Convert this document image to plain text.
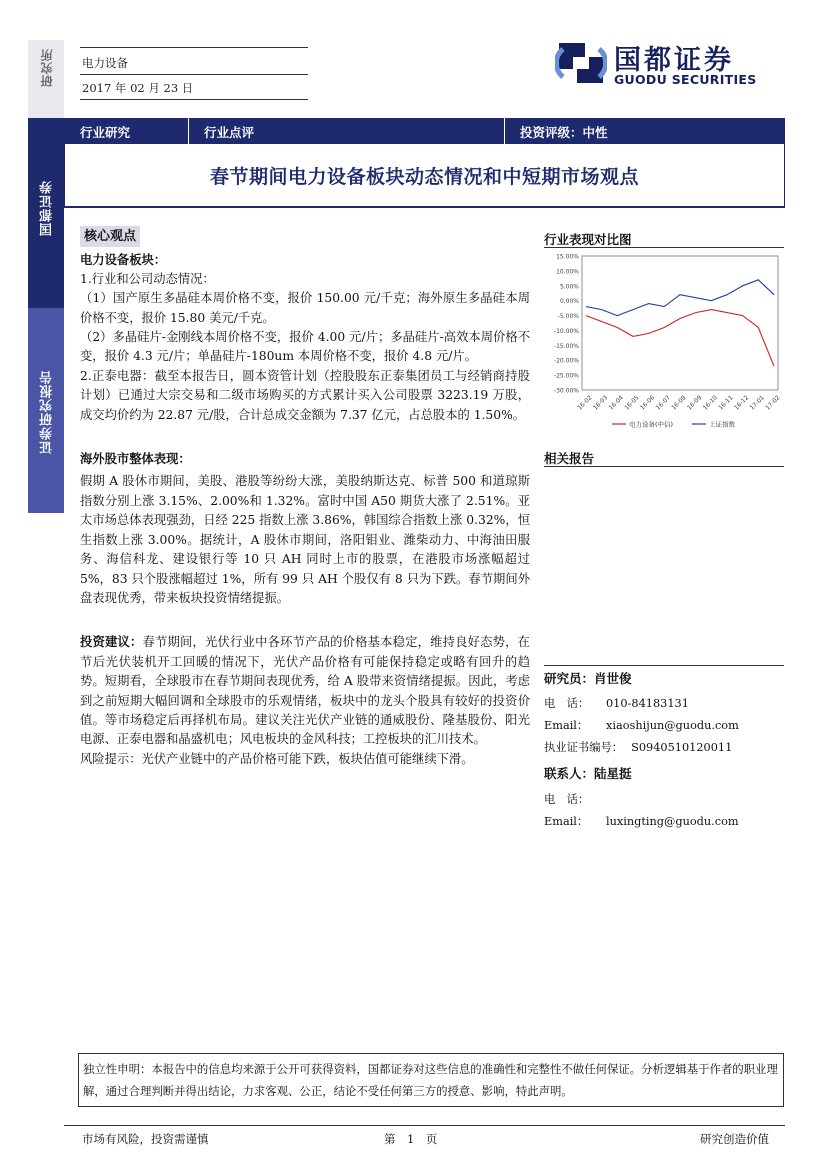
研究所
国都证券
证券研究报告
电力设备
2017 年 02 月 23 日
国都证券
GUODU SECURITIES
行业研究	行业点评	投资评级：中性
春节期间电力设备板块动态情况和中短期市场观点
核心观点
电力设备板块：
1.行业和公司动态情况：
（1）国产原生多晶硅本周价格不变，报价 150.00 元/千克；海外原生多晶硅本周价格不变，报价 15.80 美元/千克。
（2）多晶硅片-金刚线本周价格不变，报价 4.00 元/片；多晶硅片-高效本周价格不变，报价 4.3 元/片；单晶硅片-180um 本周价格不变，报价 4.8 元/片。
2.正泰电器：截至本报告日，圆本资管计划（控股股东正泰集团员工与经销商持股计划）已通过大宗交易和二级市场购买的方式累计买入公司股票 3223.19 万股，成交均价约为 22.87 元/股，合计总成交金额为 7.37 亿元，占总股本的 1.50%。
海外股市整体表现：
假期 A 股休市期间，美股、港股等纷纷大涨，美股纳斯达克、标普 500 和道琼斯指数分别上涨 3.15%、2.00%和 1.32%。富时中国 A50 期货大涨了 2.51%。亚太市场总体表现强劲，日经 225 指数上涨 3.86%，韩国综合指数上涨 0.32%，恒生指数上涨 3.00%。据统计，A 股休市期间，洛阳钼业、潍柴动力、中海油田服务、海信科龙、建设银行等 10 只 AH 同时上市的股票，在港股市场涨幅超过 5%，83 只个股涨幅超过 1%，所有 99 只 AH 个股仅有 8 只为下跌。春节期间外盘表现优秀，带来板块投资情绪提振。
投资建议：春节期间，光伏行业中各环节产品的价格基本稳定，维持良好态势，在节后光伏装机开工回暖的情况下，光伏产品价格有可能保持稳定或略有回升的趋势。短期看，全球股市在春节期间表现优秀，给 A 股带来资情绪提振。因此，考虑到之前短期大幅回调和全球股市的乐观情绪，板块中的龙头个股具有较好的投资价值。等市场稳定后再择机布局。建议关注光伏产业链的通威股份、隆基股份、阳光电源、正泰电器和晶盛机电；风电板块的金风科技；工控板块的汇川技术。
风险提示：光伏产业链中的产品价格可能下跌，板块估值可能继续下滑。
行业表现对比图
15.00%
10.00%
5.00%
0.00%
-5.00%
-10.00%
-15.00%
-20.00%
-25.00%
-30.00%
16-02
16-03
16-04
16-05
16-06
16-07
16-08
16-09
16-10
16-11
16-12
17-01
17-02
电力设备(中信)	上证指数
相关报告
研究员：肖世俊
电　话： 010-84183131
Email： xiaoshijun@guodu.com
执业证书编号： S0940510120011
联系人：陆星挺
电　话：
Email： luxingting@guodu.com
独立性申明：本报告中的信息均来源于公开可获得资料，国都证券对这些信息的准确性和完整性不做任何保证。分析逻辑基于作者的职业理解，通过合理判断并得出结论，力求客观、公正，结论不受任何第三方的授意、影响，特此声明。
市场有风险，投资需谨慎	第　1　页	研究创造价值
